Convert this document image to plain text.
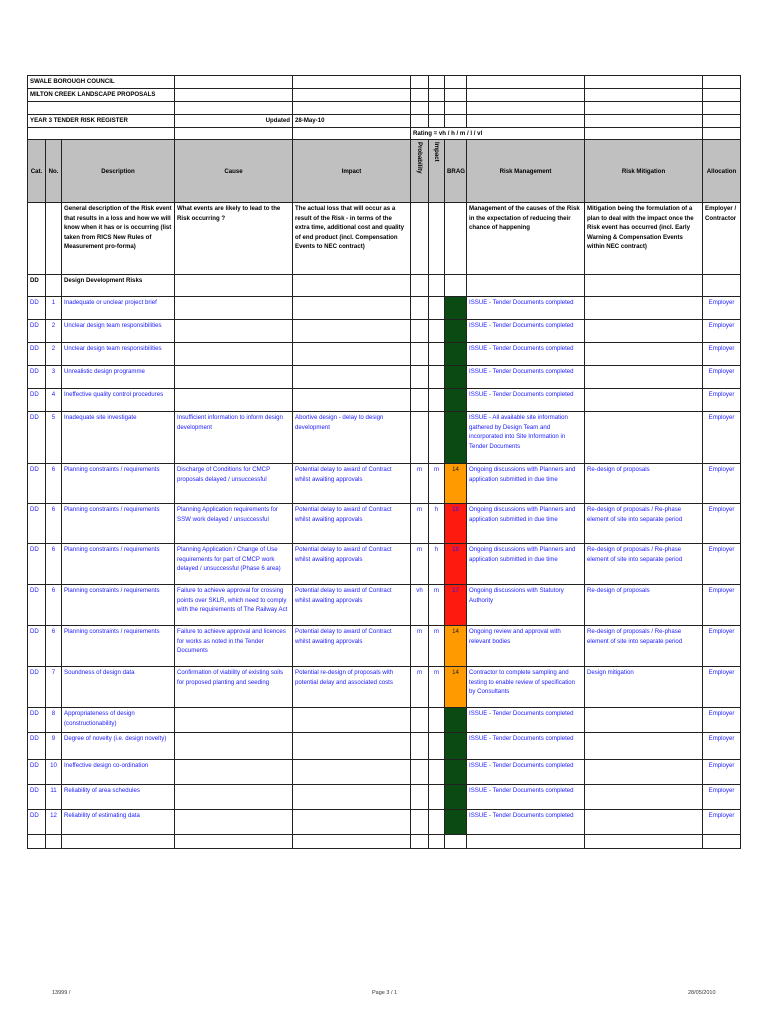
SWALE BOROUGH COUNCIL										
MILTON CREEK LANDSCAPE PROPOSALS										

YEAR 3 TENDER RISK REGISTER			Updated	28-May-10						
					Rating = vh / h / m / l / vl					
Cat.	No.	Description	Cause	Impact	Probability	Impact	BRAG	Risk Management	Risk Mitigation	Allocation
		General description of the Risk event that results in a loss and how we will know when it has or is occurring (list taken from RICS New Rules of Measurement pro-forma)	What events are likely to lead to the Risk occurring ?	The actual loss that will occur as a result of the Risk - in terms of the extra time, additional cost and quality of end product (incl. Compensation Events to NEC contract)				Management of the causes of the Risk in the expectation of reducing their chance of happening	Mitigation being the formulation of a plan to deal with the impact once the Risk event has occurred (incl. Early Warning & Compensation Events within NEC contract)	Employer / Contractor
DD		Design Development Risks								
DD	1	Inadequate or unclear project brief						ISSUE - Tender Documents completed		Employer
DD	2	Unclear design team responsibilities						ISSUE - Tender Documents completed		Employer
DD	2	Unclear design team responsibilities						ISSUE - Tender Documents completed		Employer
DD	3	Unrealistic design programme						ISSUE - Tender Documents completed		Employer
DD	4	Ineffective quality control procedures						ISSUE - Tender Documents completed		Employer
DD	5	Inadequate site investigate	Insufficient information to inform design development	Abortive design - delay to design development				ISSUE - All available site information gathered by Design Team and incorporated into Site Information in Tender Documents		Employer
DD	6	Planning constraints / requirements	Discharge of Conditions for CMCP proposals delayed / unsuccessful	Potential delay to award of Contract whilst awaiting approvals	m	m	14	Ongoing discussions with Planners and application submitted in due time	Re-design of proposals	Employer
DD	6	Planning constraints / requirements	Planning Application requirements for SSW work delayed / unsuccessful	Potential delay to award of Contract whilst awaiting approvals	m	h	19	Ongoing discussions with Planners and application submitted in due time	Re-design of proposals / Re-phase element of site into separate period	Employer
DD	6	Planning constraints / requirements	Planning Application / Change of Use requirements for part of CMCP work delayed / unsuccessful (Phase 6 area)	Potential delay to award of Contract whilst awaiting approvals	m	h	19	Ongoing discussions with Planners and application submitted in due time	Re-design of proposals / Re-phase element of site into separate period	Employer
DD	6	Planning constraints / requirements	Failure to achieve approval for crossing points over SKLR, which need to comply with the requirements of The Railway Act	Potential delay to award of Contract whilst awaiting approvals	vh	m	17	Ongoing discussions with Statutory Authority	Re-design of proposals	Employer
DD	6	Planning constraints / requirements	Failure to achieve approval and licences for works as noted in the Tender Documents	Potential delay to award of Contract whilst awaiting approvals	m	m	14	Ongoing review and approval with relevant bodies	Re-design of proposals / Re-phase element of site into separate period	Employer
DD	7	Soundness of design data	Confirmation of viability of existing soils for proposed planting and seeding	Potential re-design of proposals with potential delay and associated costs	m	m	14	Contractor to complete sampling and testing to enable review of specification by Consultants	Design mitigation	Employer
DD	8	Appropriateness of design (constructionability)						ISSUE - Tender Documents completed		Employer
DD	9	Degree of novelty (i.e. design novelty)						ISSUE - Tender Documents completed		Employer
DD	10	Ineffective design co-ordination						ISSUE - Tender Documents completed		Employer
DD	11	Reliability of area schedules						ISSUE - Tender Documents completed		Employer
DD	12	Reliability of estimating data						ISSUE - Tender Documents completed		Employer

13999 /	Page 3 / 1	28/05/2010
